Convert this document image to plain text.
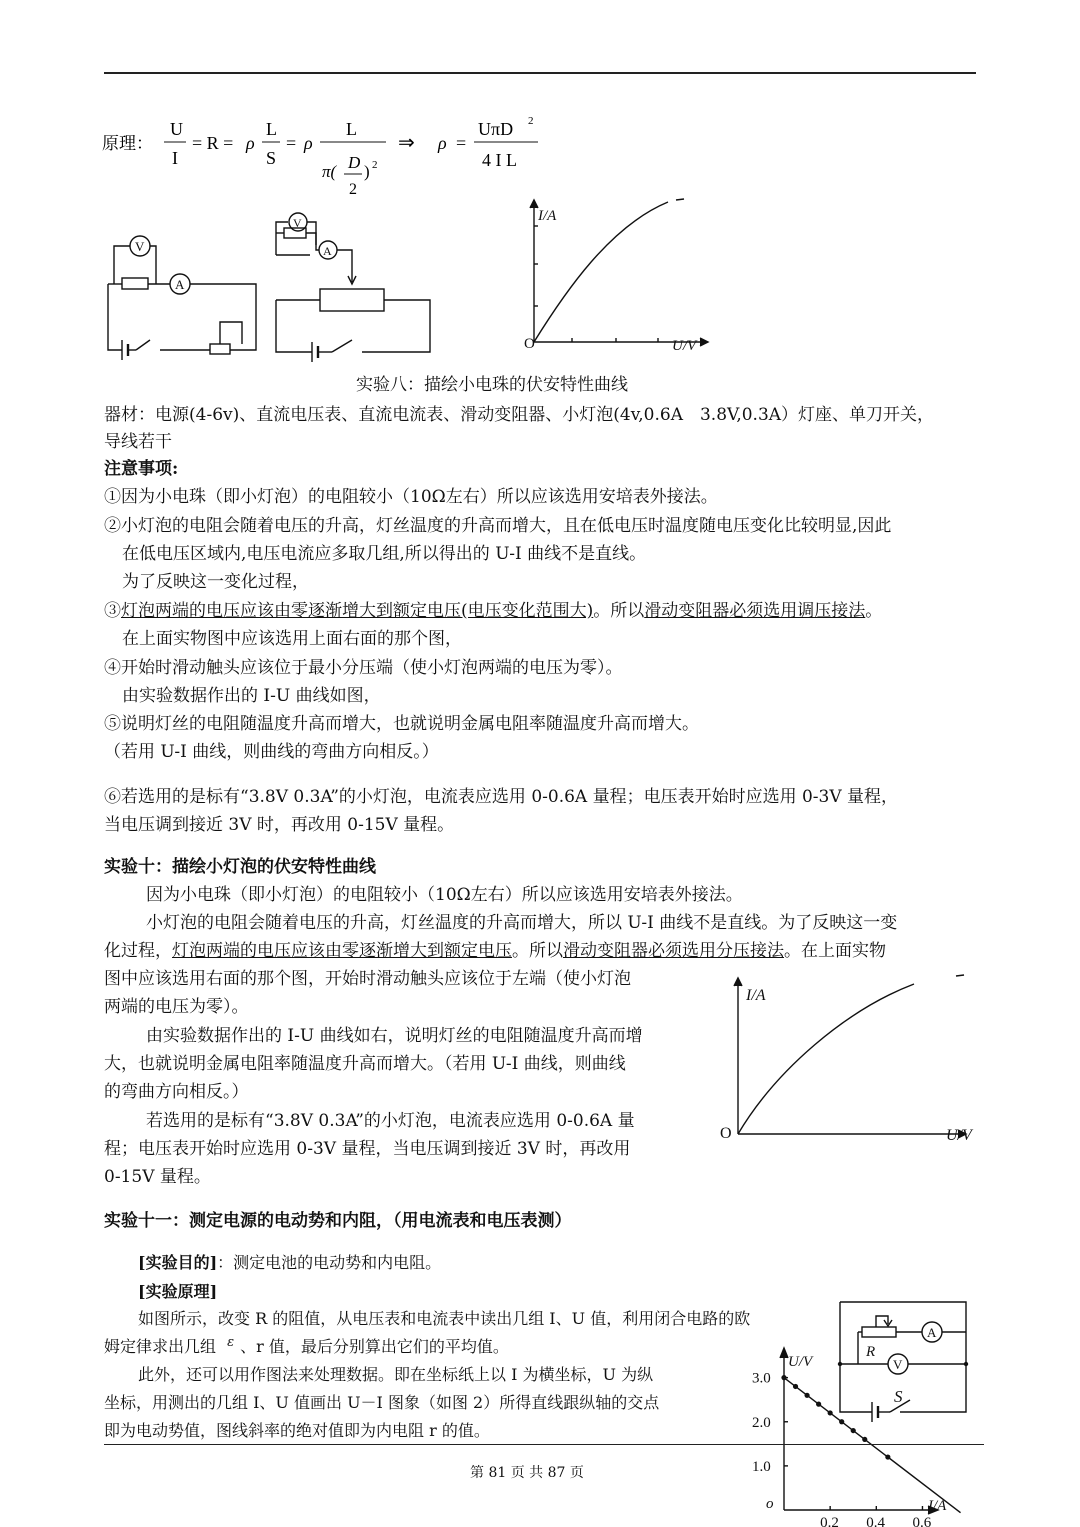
原理：
U
I
= R = ρ
L
S
= ρ
L
π( D
2
) 2
⇒ ρ =
UπD 2
4 I L
V
A
V
A
I/A
U/V
O
实验八：描绘小电珠的伏安特性曲线
器材：电源(4-6v)、直流电压表、直流电流表、滑动变阻器、小灯泡(4v,0.6A　3.8V,0.3A）灯座、单刀开关，
导线若干
注意事项:
①因为小电珠（即小灯泡）的电阻较小（10Ω左右）所以应该选用安培表外接法。
②小灯泡的电阻会随着电压的升高，灯丝温度的升高而增大，且在低电压时温度随电压变化比较明显,因此
在低电压区域内,电压电流应多取几组,所以得出的 U-I 曲线不是直线。
为了反映这一变化过程，
③灯泡两端的电压应该由零逐渐增大到额定电压(电压变化范围大)。所以滑动变阻器必须选用调压接法。
在上面实物图中应该选用上面右面的那个图，
④开始时滑动触头应该位于最小分压端（使小灯泡两端的电压为零）。
由实验数据作出的 I-U 曲线如图，
⑤说明灯丝的电阻随温度升高而增大，也就说明金属电阻率随温度升高而增大。
（若用 U-I 曲线，则曲线的弯曲方向相反。）
⑥若选用的是标有“3.8V 0.3A”的小灯泡，电流表应选用 0-0.6A 量程；电压表开始时应选用 0-3V 量程，
当电压调到接近 3V 时，再改用 0-15V 量程。
实验十：描绘小灯泡的伏安特性曲线
因为小电珠（即小灯泡）的电阻较小（10Ω左右）所以应该选用安培表外接法。
小灯泡的电阻会随着电压的升高，灯丝温度的升高而增大，所以 U-I 曲线不是直线。为了反映这一变
化过程，灯泡两端的电压应该由零逐渐增大到额定电压。所以滑动变阻器必须选用分压接法。在上面实物
图中应该选用右面的那个图，开始时滑动触头应该位于左端（使小灯泡
两端的电压为零）。
由实验数据作出的 I-U 曲线如右，说明灯丝的电阻随温度升高而增
大，也就说明金属电阻率随温度升高而增大。（若用 U-I 曲线，则曲线
的弯曲方向相反。）
若选用的是标有“3.8V 0.3A”的小灯泡，电流表应选用 0-0.6A 量
程；电压表开始时应选用 0-3V 量程，当电压调到接近 3V 时，再改用
0-15V 量程。
I/A
U/V
O
实验十一：测定电源的电动势和内阻，（用电流表和电压表测）
[实验目的]：测定电池的电动势和内电阻。
[实验原理]
如图所示，改变 R 的阻值，从电压表和电流表中读出几组 I、U 值，利用闭合电路的欧
姆定律求出几组 $^\varepsilon$ 、r 值，最后分别算出它们的平均值。
此外，还可以用作图法来处理数据。即在坐标纸上以 I 为横坐标，U 为纵
坐标，用测出的几组 I、U 值画出 U－I 图象（如图 2）所得直线跟纵轴的交点
即为电动势值，图线斜率的绝对值即为内电阻 r 的值。
R
A
V
S
U/V
I/A
o
1.0
2.0
3.0
0.2 0.4 0.6
第 81 页 共 87 页
